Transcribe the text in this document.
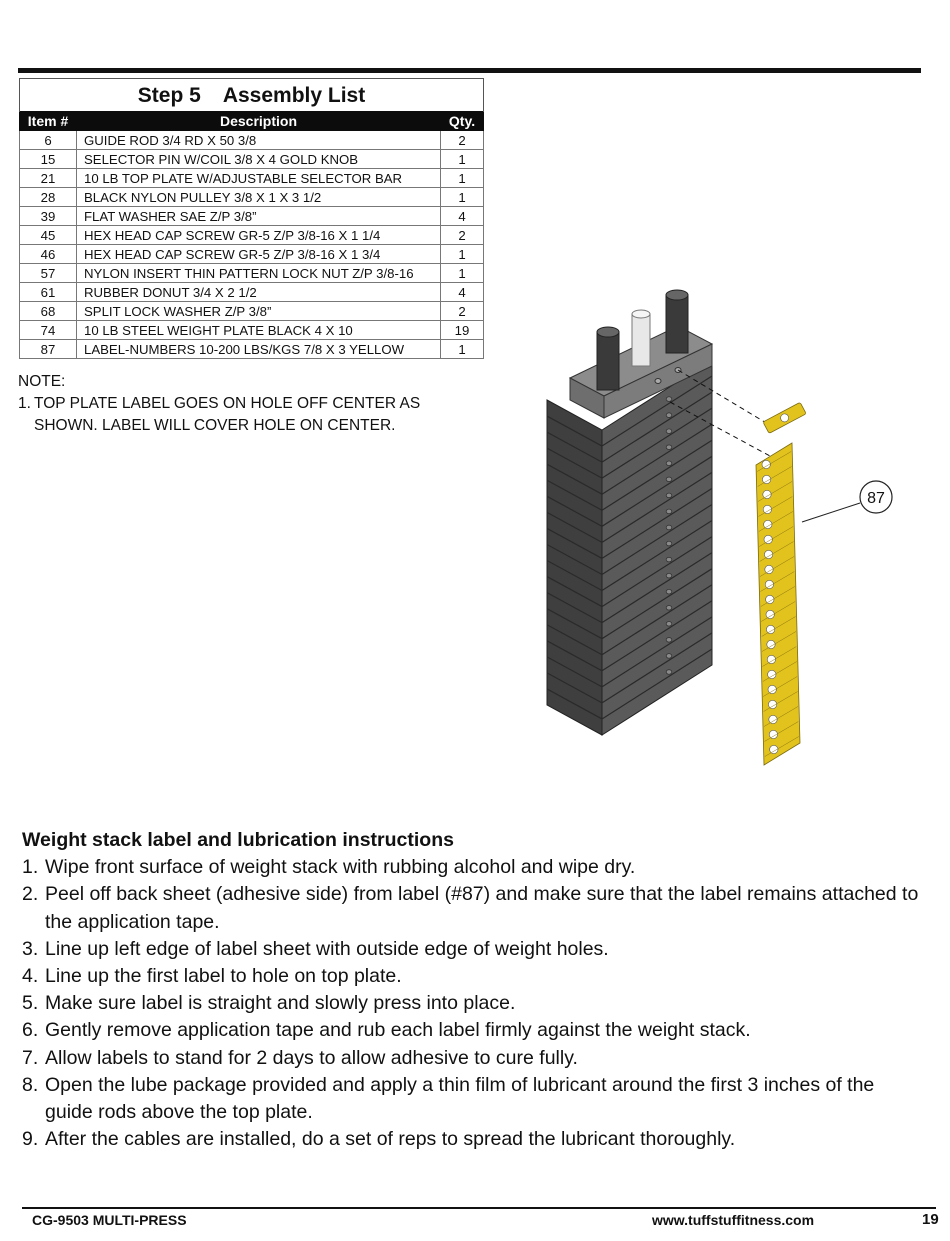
Step 5 Assembly List		
Item #	Description	Qty.
6	GUIDE ROD 3/4 RD X 50 3/8	2
15	SELECTOR PIN W/COIL 3/8 X 4 GOLD KNOB	1
21	10 LB TOP PLATE W/ADJUSTABLE SELECTOR BAR	1
28	BLACK NYLON PULLEY 3/8 X 1 X 3 1/2	1
39	FLAT WASHER SAE Z/P 3/8”	4
45	HEX HEAD CAP SCREW GR-5 Z/P 3/8-16 X 1 1/4	2
46	HEX HEAD CAP SCREW GR-5 Z/P 3/8-16 X 1 3/4	1
57	NYLON INSERT THIN PATTERN LOCK NUT Z/P 3/8-16	1
61	RUBBER DONUT 3/4 X 2 1/2	4
68	SPLIT LOCK WASHER Z/P 3/8”	2
74	10 LB STEEL WEIGHT PLATE BLACK 4 X 10	19
87	LABEL-NUMBERS 10-200 LBS/KGS 7/8 X 3 YELLOW	1
NOTE:
1. TOP PLATE LABEL GOES ON HOLE OFF CENTER AS SHOWN. LABEL WILL COVER HOLE ON CENTER.
87
Weight stack label and lubrication instructions
1. Wipe front surface of weight stack with rubbing alcohol and wipe dry.
2. Peel off back sheet (adhesive side) from label (#87) and make sure that the label remains attached to the application tape.
3. Line up left edge of label sheet with outside edge of weight holes.
4. Line up the first label to hole on top plate.
5. Make sure label is straight and slowly press into place.
6. Gently remove application tape and rub each label firmly against the weight stack.
7. Allow labels to stand for 2 days to allow adhesive to cure fully.
8. Open the lube package provided and apply a thin film of lubricant around the first 3 inches of the guide rods above the top plate.
9. After the cables are installed, do a set of reps to spread the lubricant thoroughly.
CG-9503 MULTI-PRESS	www.tuffstuffitness.com	19
